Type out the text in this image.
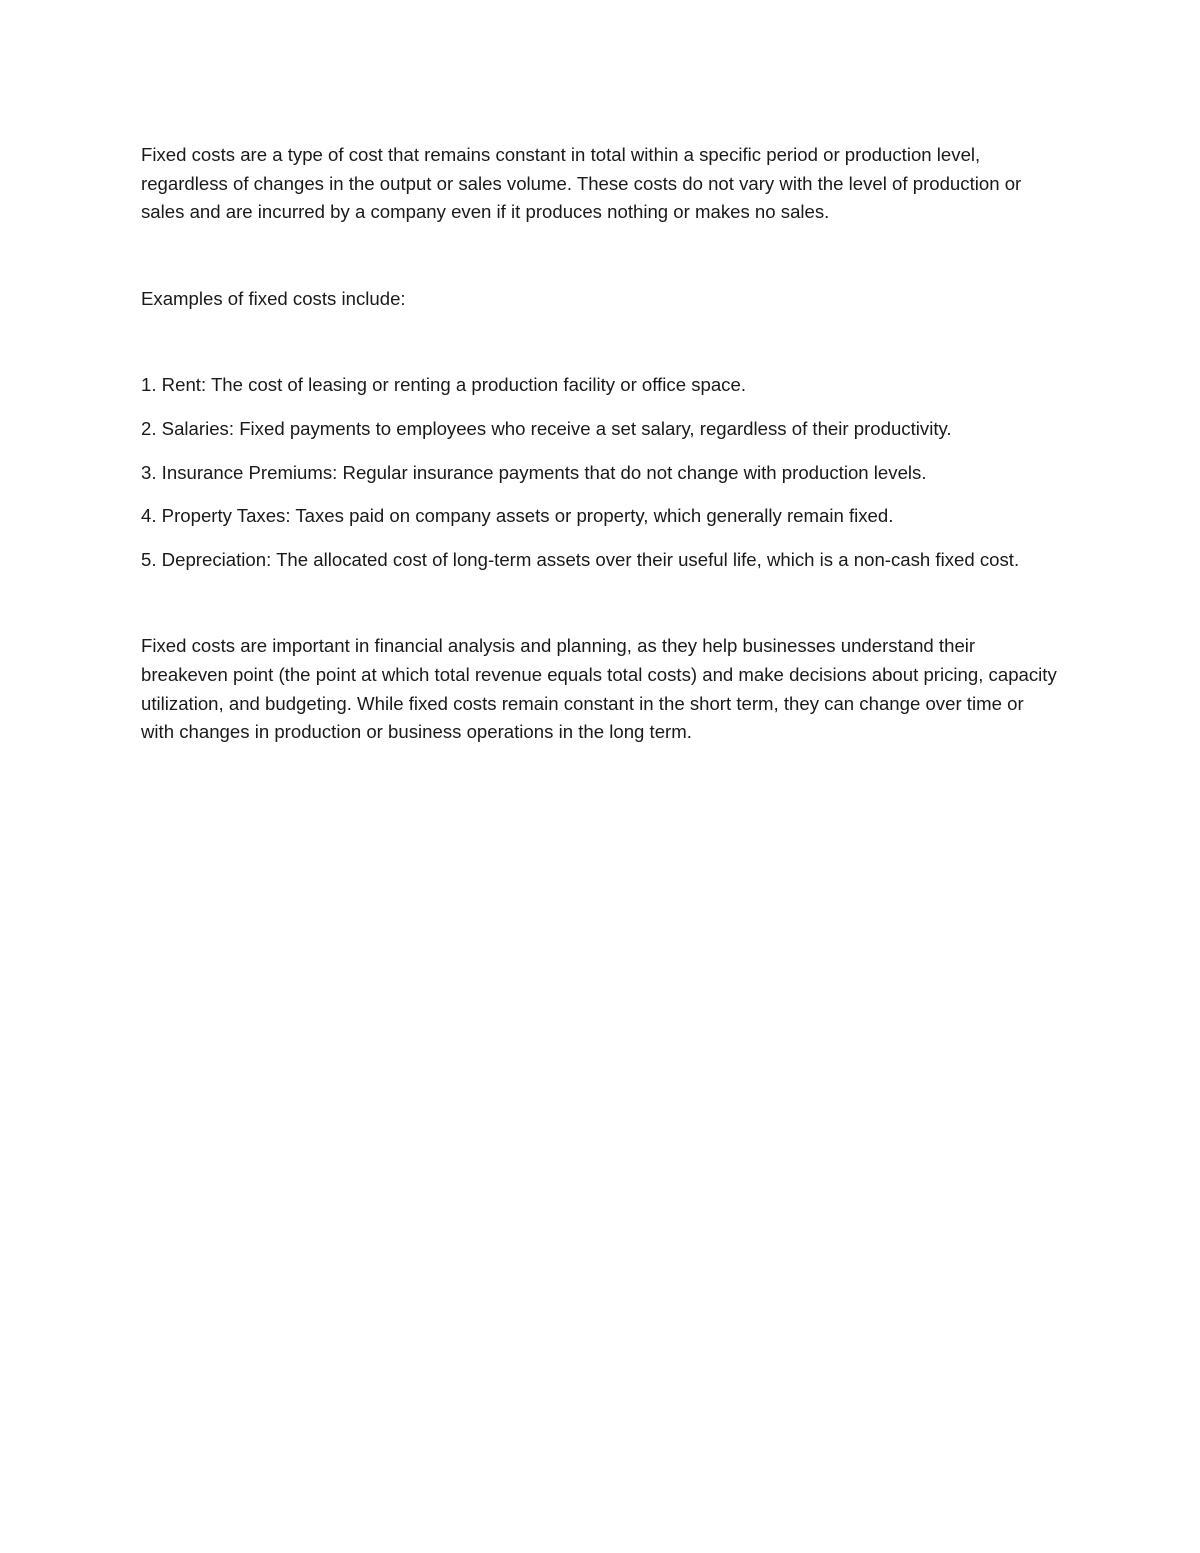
Fixed costs are a type of cost that remains constant in total within a specific period or production level, regardless of changes in the output or sales volume. These costs do not vary with the level of production or sales and are incurred by a company even if it produces nothing or makes no sales.

Examples of fixed costs include:

1. Rent: The cost of leasing or renting a production facility or office space.
2. Salaries: Fixed payments to employees who receive a set salary, regardless of their productivity.
3. Insurance Premiums: Regular insurance payments that do not change with production levels.
4. Property Taxes: Taxes paid on company assets or property, which generally remain fixed.
5. Depreciation: The allocated cost of long-term assets over their useful life, which is a non-cash fixed cost.

Fixed costs are important in financial analysis and planning, as they help businesses understand their breakeven point (the point at which total revenue equals total costs) and make decisions about pricing, capacity utilization, and budgeting. While fixed costs remain constant in the short term, they can change over time or with changes in production or business operations in the long term.
